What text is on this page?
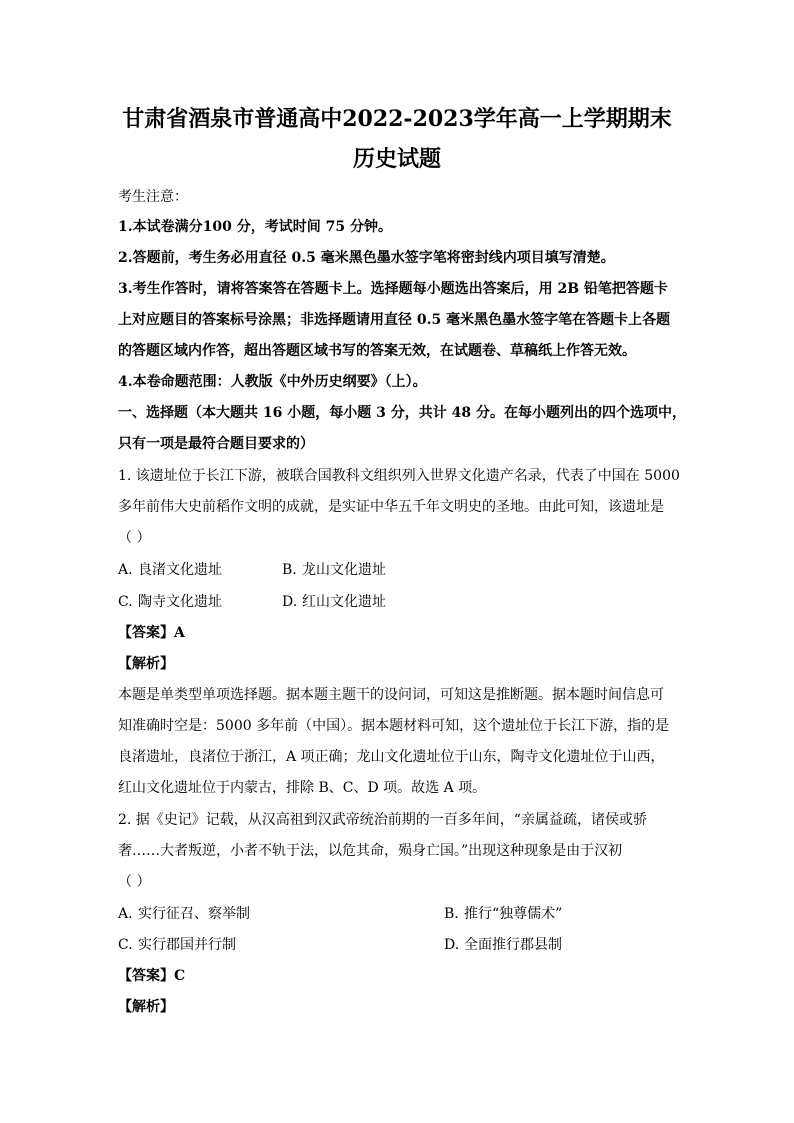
甘肃省酒泉市普通高中2022-2023学年高一上学期期末
历史试题
考生注意：
1.本试卷满分100 分，考试时间 75 分钟。
2.答题前，考生务必用直径 0.5 毫米黑色墨水签字笔将密封线内项目填写清楚。
3.考生作答时，请将答案答在答题卡上。选择题每小题选出答案后，用 2B 铅笔把答题卡
上对应题目的答案标号涂黑；非选择题请用直径 0.5 毫米黑色墨水签字笔在答题卡上各题
的答题区域内作答，超出答题区域书写的答案无效，在试题卷、草稿纸上作答无效。
4.本卷命题范围：人教版《中外历史纲要》（上）。
一、选择题（本大题共 16 小题，每小题 3 分，共计 48 分。在每小题列出的四个选项中，
只有一项是最符合题目要求的）
1. 该遗址位于长江下游，被联合国教科文组织列入世界文化遗产名录，代表了中国在 5000
多年前伟大史前稻作文明的成就，是实证中华五千年文明史的圣地。由此可知，该遗址是
（ ）
A. 良渚文化遗址	B. 龙山文化遗址
C. 陶寺文化遗址	D. 红山文化遗址
【答案】A
【解析】
本题是单类型单项选择题。据本题主题干的设问词，可知这是推断题。据本题时间信息可
知准确时空是：5000 多年前（中国）。据本题材料可知，这个遗址位于长江下游，指的是
良渚遗址，良渚位于浙江，A 项正确；龙山文化遗址位于山东，陶寺文化遗址位于山西，
红山文化遗址位于内蒙古，排除 B、C、D 项。故选 A 项。
2. 据《史记》记载，从汉高祖到汉武帝统治前期的一百多年间，“亲属益疏，诸侯或骄
奢……大者叛逆，小者不轨于法，以危其命，殒身亡国。”出现这种现象是由于汉初
（ ）
A. 实行征召、察举制	B. 推行“独尊儒术”
C. 实行郡国并行制	D. 全面推行郡县制
【答案】C
【解析】
